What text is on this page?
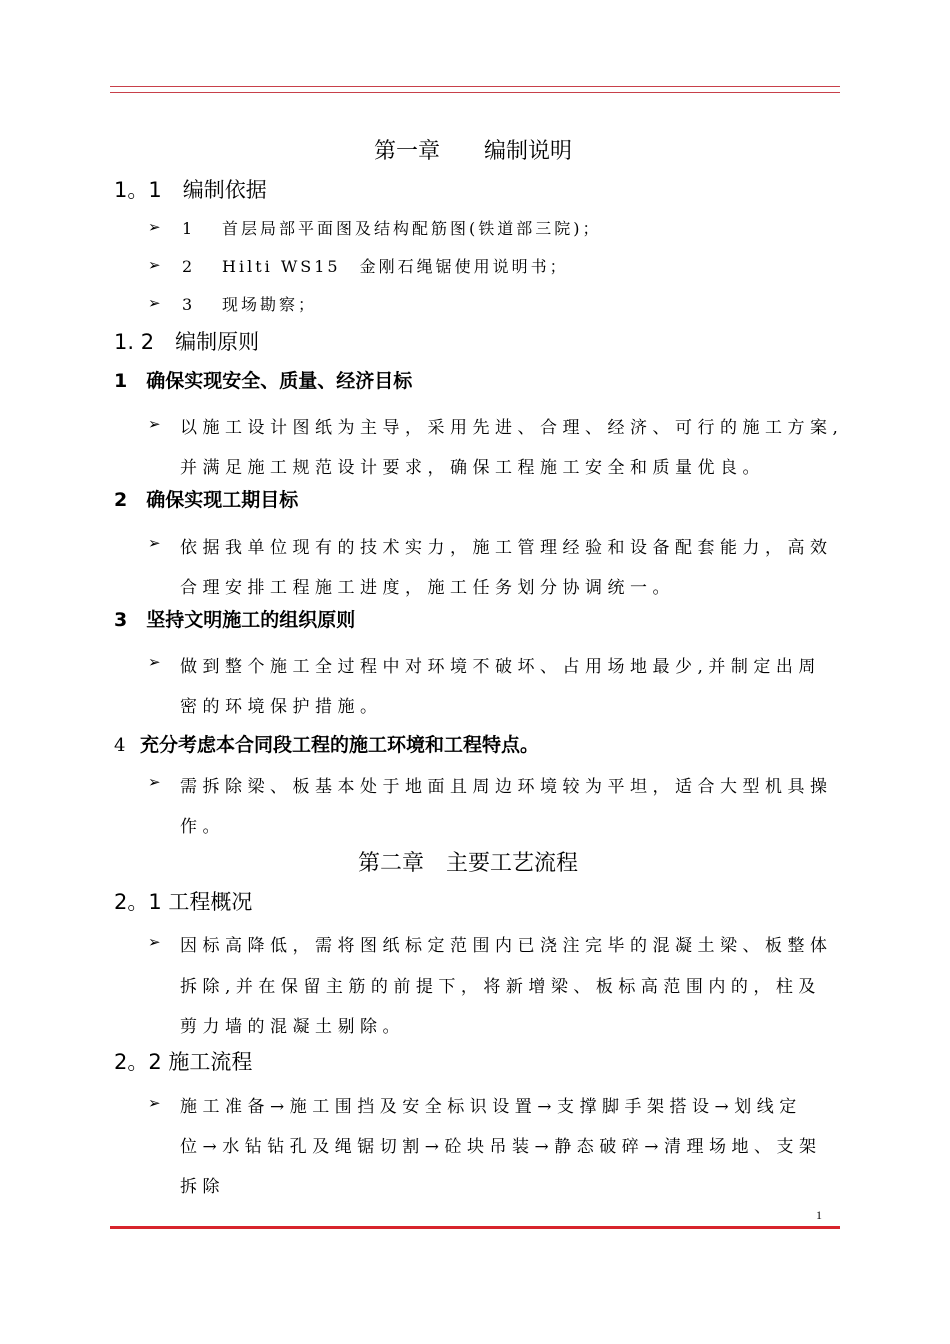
第一章　　编制说明
1。1　编制依据
➢ 1 首层局部平面图及结构配筋图(铁道部三院)；
➢ 2 Hilti WS15　金刚石绳锯使用说明书；
➢ 3 现场勘察；
1. 2　编制原则
1　确保实现安全、质量、经济目标
➢ 以施工设计图纸为主导，采用先进、合理、经济、可行的施工方案,
并满足施工规范设计要求，确保工程施工安全和质量优良。
2　确保实现工期目标
➢ 依据我单位现有的技术实力，施工管理经验和设备配套能力，高效
合理安排工程施工进度，施工任务划分协调统一。
3　坚持文明施工的组织原则
➢ 做到整个施工全过程中对环境不破坏、占用场地最少,并制定出周
密的环境保护措施。
4 充分考虑本合同段工程的施工环境和工程特点。
➢ 需拆除梁、板基本处于地面且周边环境较为平坦，适合大型机具操
作。
第二章　主要工艺流程
2。1 工程概况
➢ 因标高降低，需将图纸标定范围内已浇注完毕的混凝土梁、板整体
拆除,并在保留主筋的前提下，将新增梁、板标高范围内的，柱及
剪力墙的混凝土剔除。
2。2 施工流程
➢ 施工准备→施工围挡及安全标识设置→支撑脚手架搭设→划线定
位→水钻钻孔及绳锯切割→砼块吊装→静态破碎→清理场地、支架
拆除
1
